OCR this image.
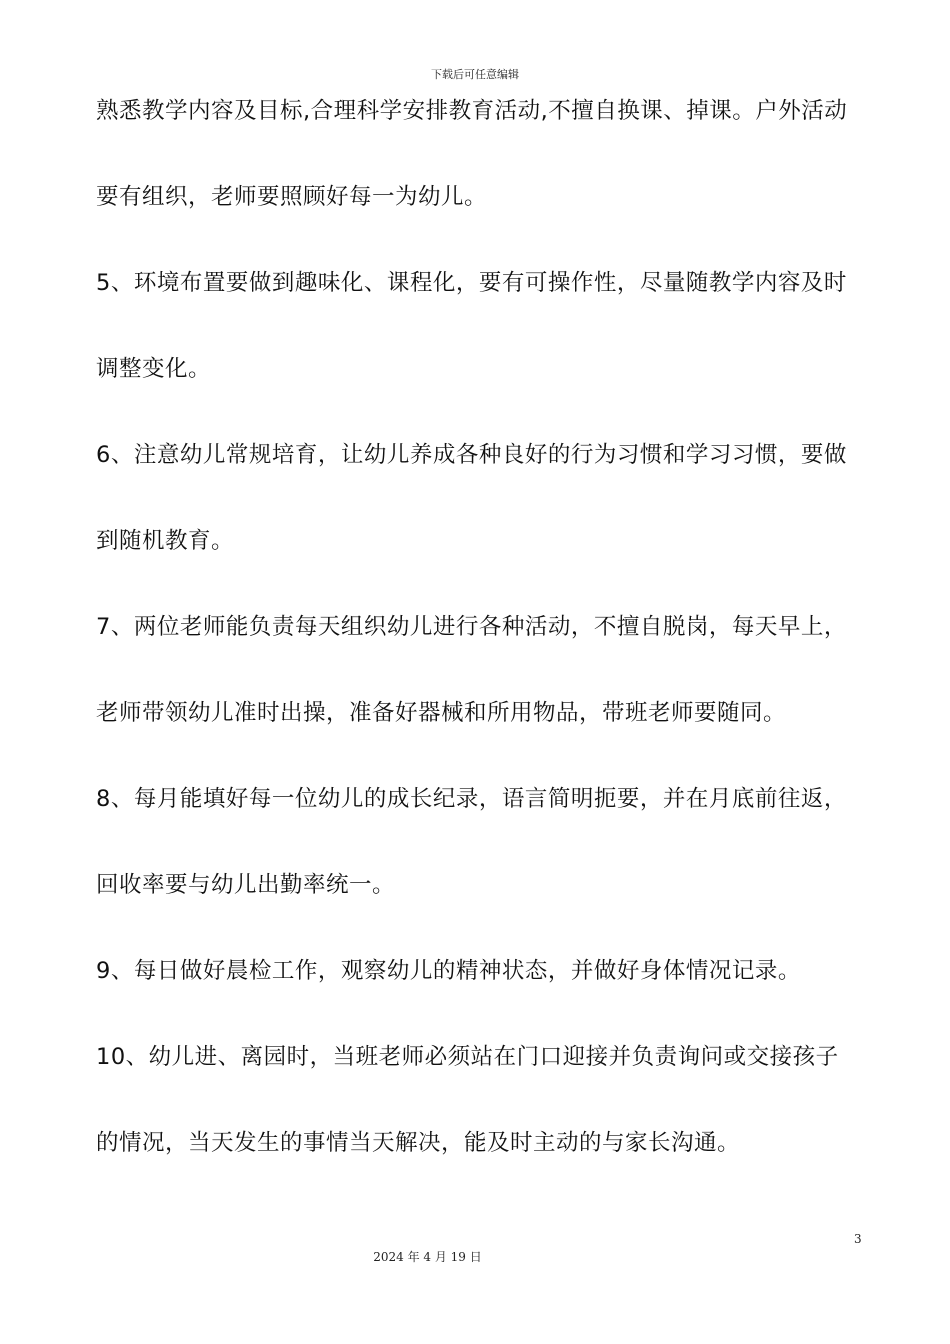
下载后可任意编辑
熟悉教学内容及目标,合理科学安排教育活动,不擅自换课、掉课。户外活动
要有组织，老师要照顾好每一为幼儿。
5、环境布置要做到趣味化、课程化，要有可操作性，尽量随教学内容及时
调整变化。
6、注意幼儿常规培育，让幼儿养成各种良好的行为习惯和学习习惯，要做
到随机教育。
7、两位老师能负责每天组织幼儿进行各种活动，不擅自脱岗，每天早上，
老师带领幼儿准时出操，准备好器械和所用物品，带班老师要随同。
8、每月能填好每一位幼儿的成长纪录，语言简明扼要，并在月底前往返，
回收率要与幼儿出勤率统一。
9、每日做好晨检工作，观察幼儿的精神状态，并做好身体情况记录。
10、幼儿进、离园时，当班老师必须站在门口迎接并负责询问或交接孩子
的情况，当天发生的事情当天解决，能及时主动的与家长沟通。
3
2024 年 4 月 19 日
